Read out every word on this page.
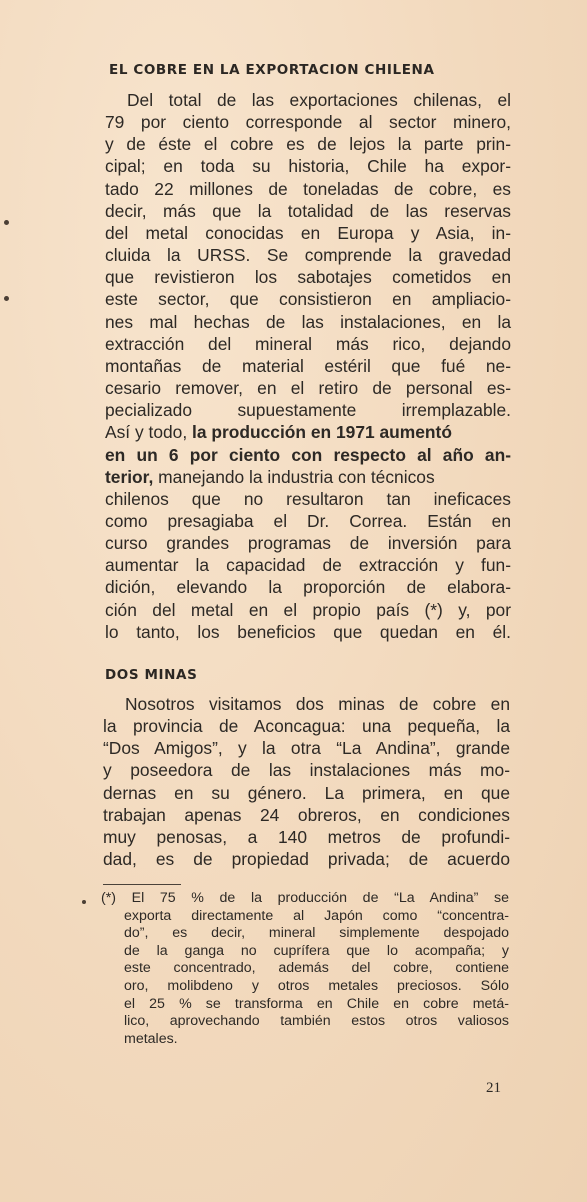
EL COBRE EN LA EXPORTACION CHILENA
Del total de las exportaciones chilenas, el
79 por ciento corresponde al sector minero,
y de éste el cobre es de lejos la parte prin-
cipal; en toda su historia, Chile ha expor-
tado 22 millones de toneladas de cobre, es
decir, más que la totalidad de las reservas
del metal conocidas en Europa y Asia, in-
cluida la URSS. Se comprende la gravedad
que revistieron los sabotajes cometidos en
este sector, que consistieron en ampliacio-
nes mal hechas de las instalaciones, en la
extracción del mineral más rico, dejando
montañas de material estéril que fué ne-
cesario remover, en el retiro de personal es-
pecializado supuestamente irremplazable.
Así y todo, la producción en 1971 aumentó
en un 6 por ciento con respecto al año an-
terior, manejando la industria con técnicos
chilenos que no resultaron tan ineficaces
como presagiaba el Dr. Correa. Están en
curso grandes programas de inversión para
aumentar la capacidad de extracción y fun-
dición, elevando la proporción de elabora-
ción del metal en el propio país (*) y, por
lo tanto, los beneficios que quedan en él.
DOS MINAS
Nosotros visitamos dos minas de cobre en
la provincia de Aconcagua: una pequeña, la
“Dos Amigos”, y la otra “La Andina”, grande
y poseedora de las instalaciones más mo-
dernas en su género. La primera, en que
trabajan apenas 24 obreros, en condiciones
muy penosas, a 140 metros de profundi-
dad, es de propiedad privada; de acuerdo
(*) El 75 % de la producción de “La Andina” se
exporta directamente al Japón como “concentra-
do”, es decir, mineral simplemente despojado
de la ganga no cuprífera que lo acompaña; y
este concentrado, además del cobre, contiene
oro, molibdeno y otros metales preciosos. Sólo
el 25 % se transforma en Chile en cobre metá-
lico, aprovechando también estos otros valiosos
metales.
21
